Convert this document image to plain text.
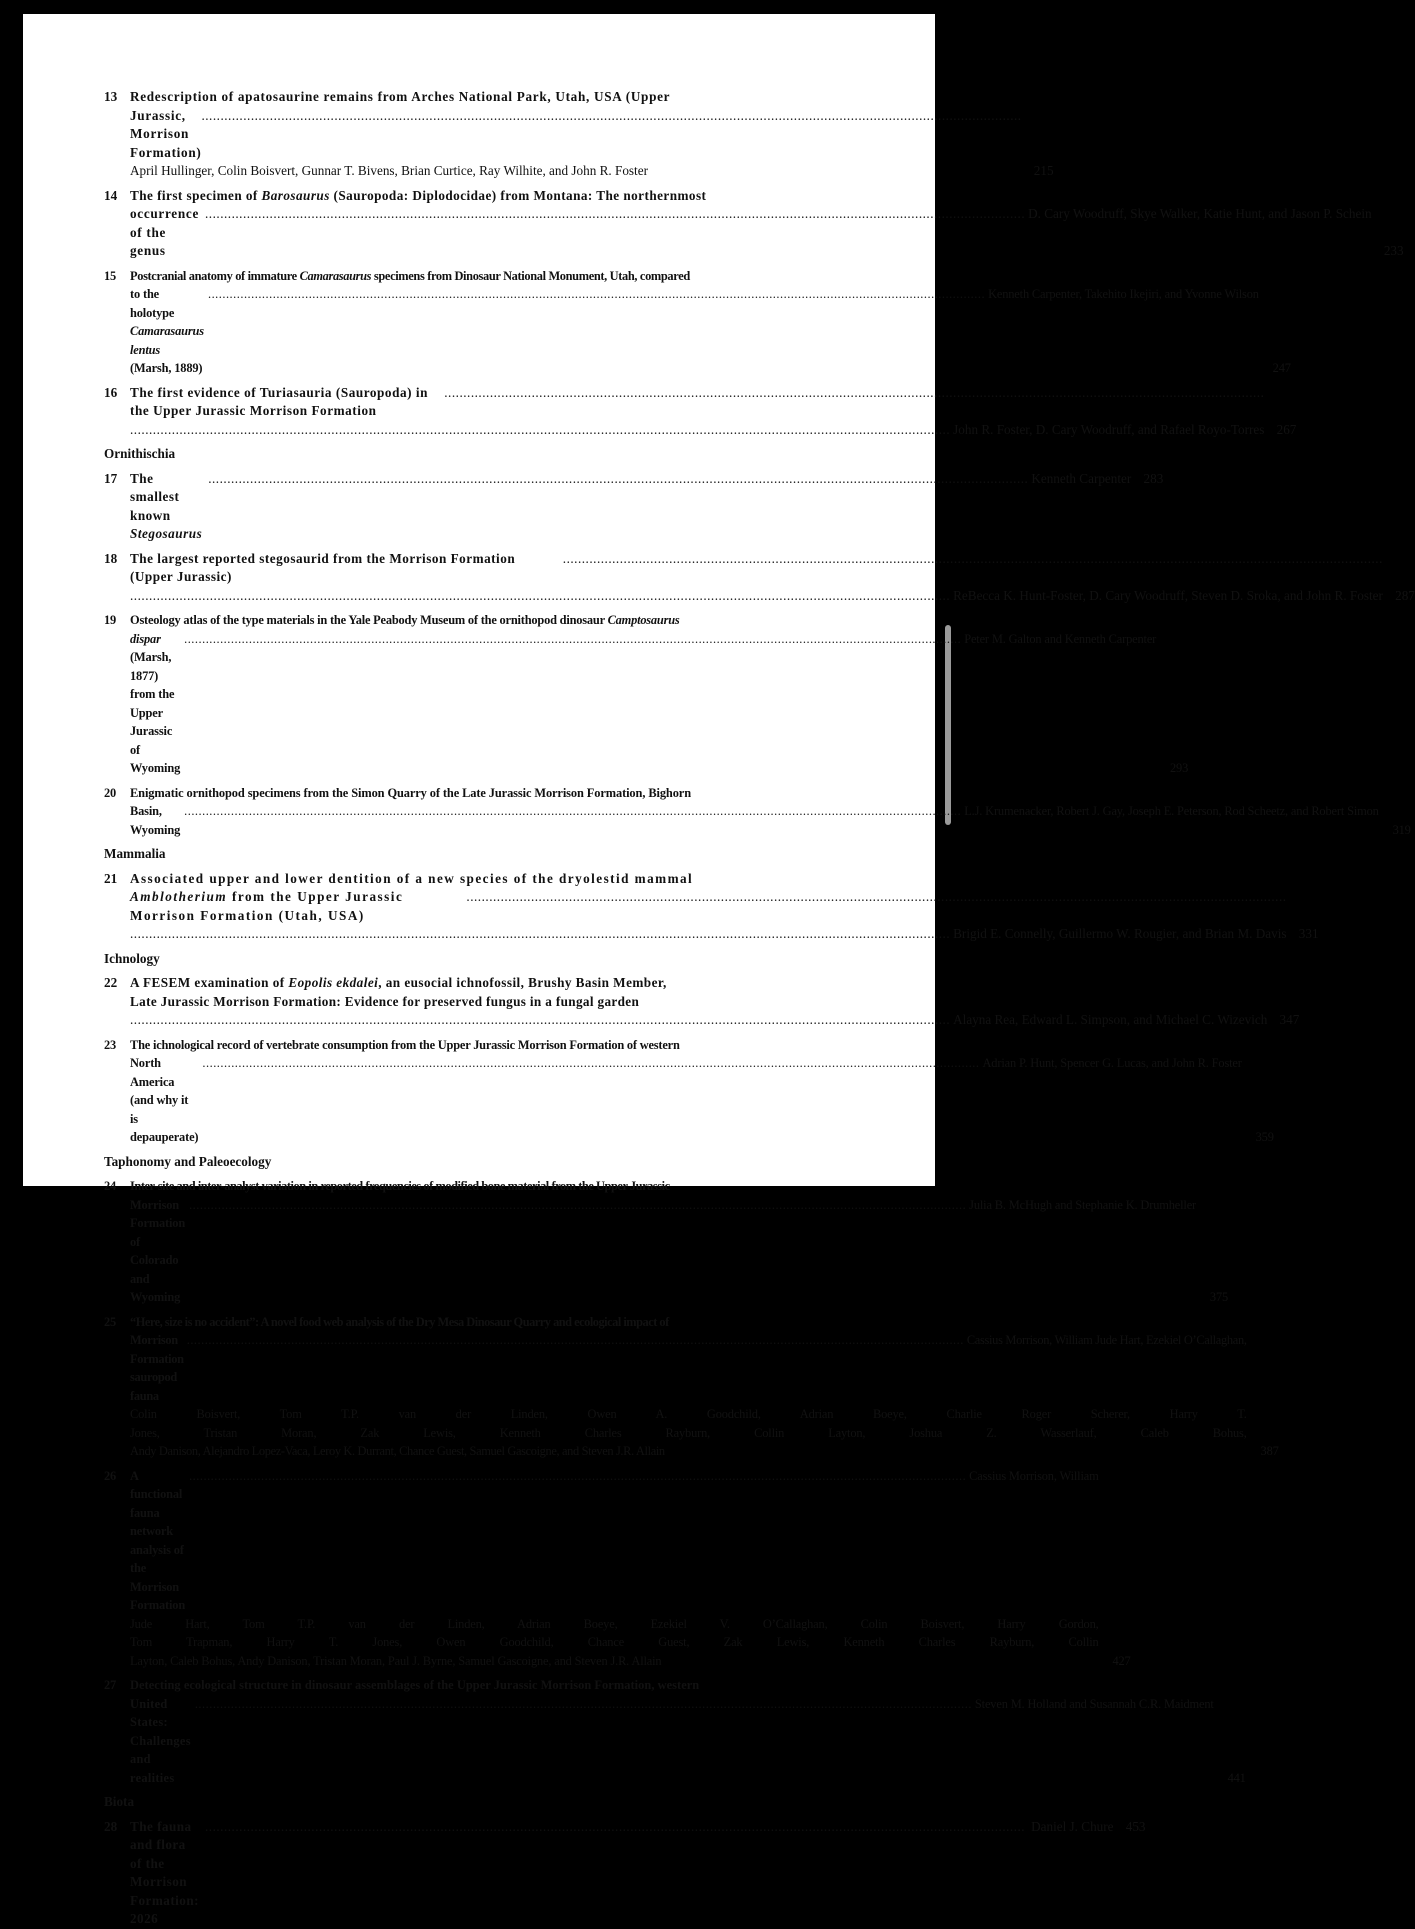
13 Redescription of apatosaurine remains from Arches National Park, Utah, USA (Upper
Jurassic, Morrison Formation)
.....
April Hullinger, Colin Boisvert, Gunnar T. Bivens, Brian Curtice, Ray Wilhite, and John R. Foster	215
14 The first specimen of Barosaurus (Sauropoda: Diplodocidae) from Montana: The northernmost
occurrence of the genus
.....
D. Cary Woodruff, Skye Walker, Katie Hunt, and Jason P. Schein
233
15	Postcranial anatomy of immature Camarasaurus specimens from Dinosaur National Monument, Utah, compared
to the holotype Camarasaurus lentus (Marsh, 1889)
.....
Kenneth Carpenter, Takehito Ikejiri, and Yvonne Wilson
247
16 The first evidence of Turiasauria (Sauropoda) in the Upper Jurassic Morrison Formation
.....
.....
John R. Foster, D. Cary Woodruff, and Rafael Royo-Torres 267
Ornithischia
17 The smallest known Stegosaurus
.....
Kenneth Carpenter 283
18 The largest reported stegosaurid from the Morrison Formation (Upper Jurassic)
.....
.....
ReBecca K. Hunt-Foster, D. Cary Woodruff, Steven D. Sroka, and John R. Foster 287
19	Osteology atlas of the type materials in the Yale Peabody Museum of the ornithopod dinosaur Camptosaurus
dispar (Marsh, 1877) from the Upper Jurassic of Wyoming
.....
Peter M. Galton and Kenneth Carpenter
293
20	Enigmatic ornithopod specimens from the Simon Quarry of the Late Jurassic Morrison Formation, Bighorn
Basin, Wyoming
.....
L.J. Krumenacker, Robert J. Gay, Joseph E. Peterson, Rod Scheetz, and Robert Simon
319
Mammalia
21 Associated upper and lower dentition of a new species of the dryolestid mammal
Amblotherium from the Upper Jurassic Morrison Formation (Utah, USA)
.....
.....
Brigid E. Connelly, Guillermo W. Rougier, and Brian M. Davis 331
Ichnology
22 A FESEM examination of Eopolis ekdalei, an eusocial ichnofossil, Brushy Basin Member,
Late Jurassic Morrison Formation: Evidence for preserved fungus in a fungal garden
.....
Alayna Rea, Edward L. Simpson, and Michael C. Wizevich 347
23	The ichnological record of vertebrate consumption from the Upper Jurassic Morrison Formation of western
North America (and why it is depauperate)
.....
Adrian P. Hunt, Spencer G. Lucas, and John R. Foster
359
Taphonomy and Paleoecology
24	Inter-site and inter-analyst variation in reported frequencies of modified bone material from the Upper Jurassic
Morrison Formation of Colorado and Wyoming
.....
Julia B. McHugh and Stephanie K. Drumheller
375
25	“Here, size is no accident”: A novel food web analysis of the Dry Mesa Dinosaur Quarry and ecological impact of
Morrison Formation sauropod fauna
.....
Cassius Morrison, William Jude Hart, Ezekiel O’Callaghan,
Colin Boisvert, Tom T.P. van der Linden, Owen A. Goodchild, Adrian Boeye, Charlie Roger Scherer, Harry T.
Jones, Tristan Moran, Zak Lewis, Kenneth Charles Rayburn, Collin Layton, Joshua Z. Wasserlauf, Caleb Bohus,
Andy Danison, Alejandro Lopez-Vaca, Leroy K. Durrant, Chance Guest, Samuel Gascoigne, and Steven J.R. Allain	387
26	A functional fauna network analysis of the Morrison Formation
.....
Cassius Morrison, William
Jude Hart, Tom T.P. van der Linden, Adrian Boeye, Ezekiel V. O’Callaghan, Colin Boisvert, Harry Gordon,
Tom Trapman, Harry T. Jones, Owen Goodchild, Chance Guest, Zak Lewis, Kenneth Charles Rayburn, Collin
Layton, Caleb Bohus, Andy Danison, Tristan Moran, Paul J. Byrne, Samuel Gascoigne, and Steven J.R. Allain	427
27	Detecting ecological structure in dinosaur assemblages of the Upper Jurassic Morrison Formation, western
United States: Challenges and realities
.....
Steven M. Holland and Susannah C.R. Maidment
441
Biota
28 The fauna and flora of the Morrison Formation: 2026
.....
Daniel J. Chure 453
